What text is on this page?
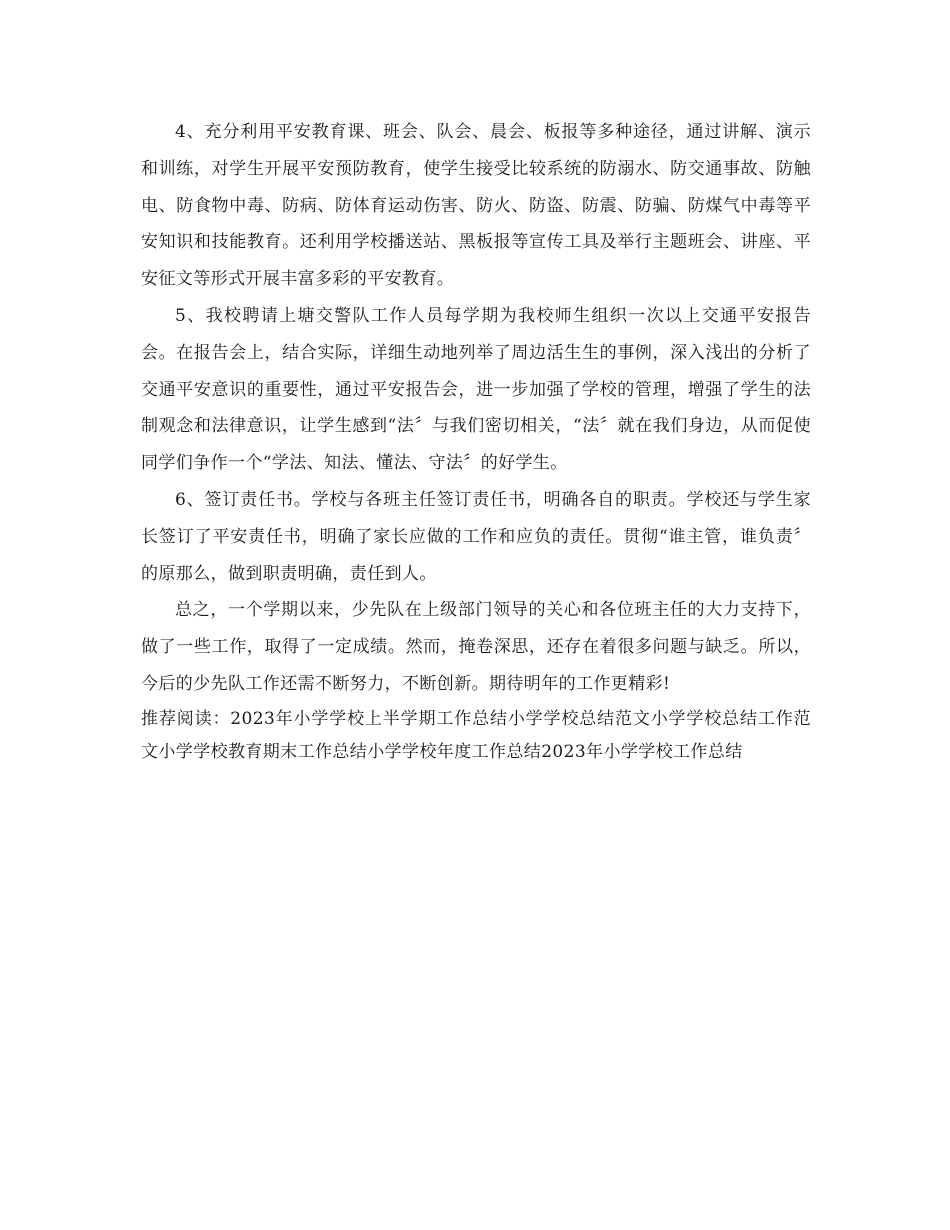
4、充分利用平安教育课、班会、队会、晨会、板报等多种途径，通过讲解、演示和训练，对学生开展平安预防教育，使学生接受比较系统的防溺水、防交通事故、防触电、防食物中毒、防病、防体育运动伤害、防火、防盗、防震、防骗、防煤气中毒等平安知识和技能教育。还利用学校播送站、黑板报等宣传工具及举行主题班会、讲座、平安征文等形式开展丰富多彩的平安教育。

5、我校聘请上塘交警队工作人员每学期为我校师生组织一次以上交通平安报告会。在报告会上，结合实际，详细生动地列举了周边活生生的事例，深入浅出的分析了交通平安意识的重要性，通过平安报告会，进一步加强了学校的管理，增强了学生的法制观念和法律意识，让学生感到“法〞与我们密切相关，“法〞就在我们身边，从而促使同学们争作一个“学法、知法、懂法、守法〞的好学生。

6、签订责任书。学校与各班主任签订责任书，明确各自的职责。学校还与学生家长签订了平安责任书，明确了家长应做的工作和应负的责任。贯彻“谁主管，谁负责〞的原那么，做到职责明确，责任到人。

总之，一个学期以来，少先队在上级部门领导的关心和各位班主任的大力支持下，做了一些工作，取得了一定成绩。然而，掩卷深思，还存在着很多问题与缺乏。所以，今后的少先队工作还需不断努力，不断创新。期待明年的工作更精彩!

推荐阅读：2023年小学学校上半学期工作总结小学学校总结范文小学学校总结工作范文小学学校教育期末工作总结小学学校年度工作总结2023年小学学校工作总结
